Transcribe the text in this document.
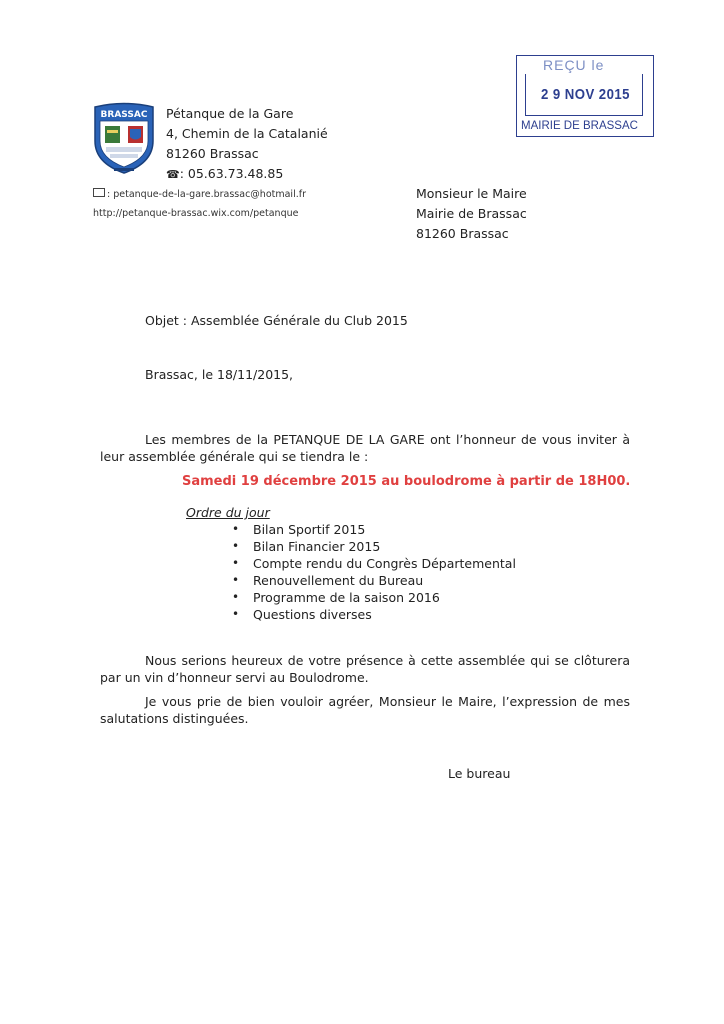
BRASSAC Pétanque de la Gare
4, Chemin de la Catalanié
81260 Brassac
☎: 05.63.73.48.85
: petanque-de-la-gare.brassac@hotmail.fr
http://petanque-brassac.wix.com/petanque
REÇU le
2 9 NOV 2015
MAIRIE DE BRASSAC
Monsieur le Maire
Mairie de Brassac
81260 Brassac
Objet : Assemblée Générale du Club 2015
Brassac, le 18/11/2015,
Les membres de la PETANQUE DE LA GARE ont l’honneur de vous inviter à leur assemblée générale qui se tiendra le :
Samedi 19 décembre 2015 au boulodrome à partir de 18H00.
Ordre du jour
• Bilan Sportif 2015
• Bilan Financier 2015
• Compte rendu du Congrès Départemental
• Renouvellement du Bureau
• Programme de la saison 2016
• Questions diverses
Nous serions heureux de votre présence à cette assemblée qui se clôturera par un vin d’honneur servi au Boulodrome.
Je vous prie de bien vouloir agréer, Monsieur le Maire, l’expression de mes salutations distinguées.
Le bureau
